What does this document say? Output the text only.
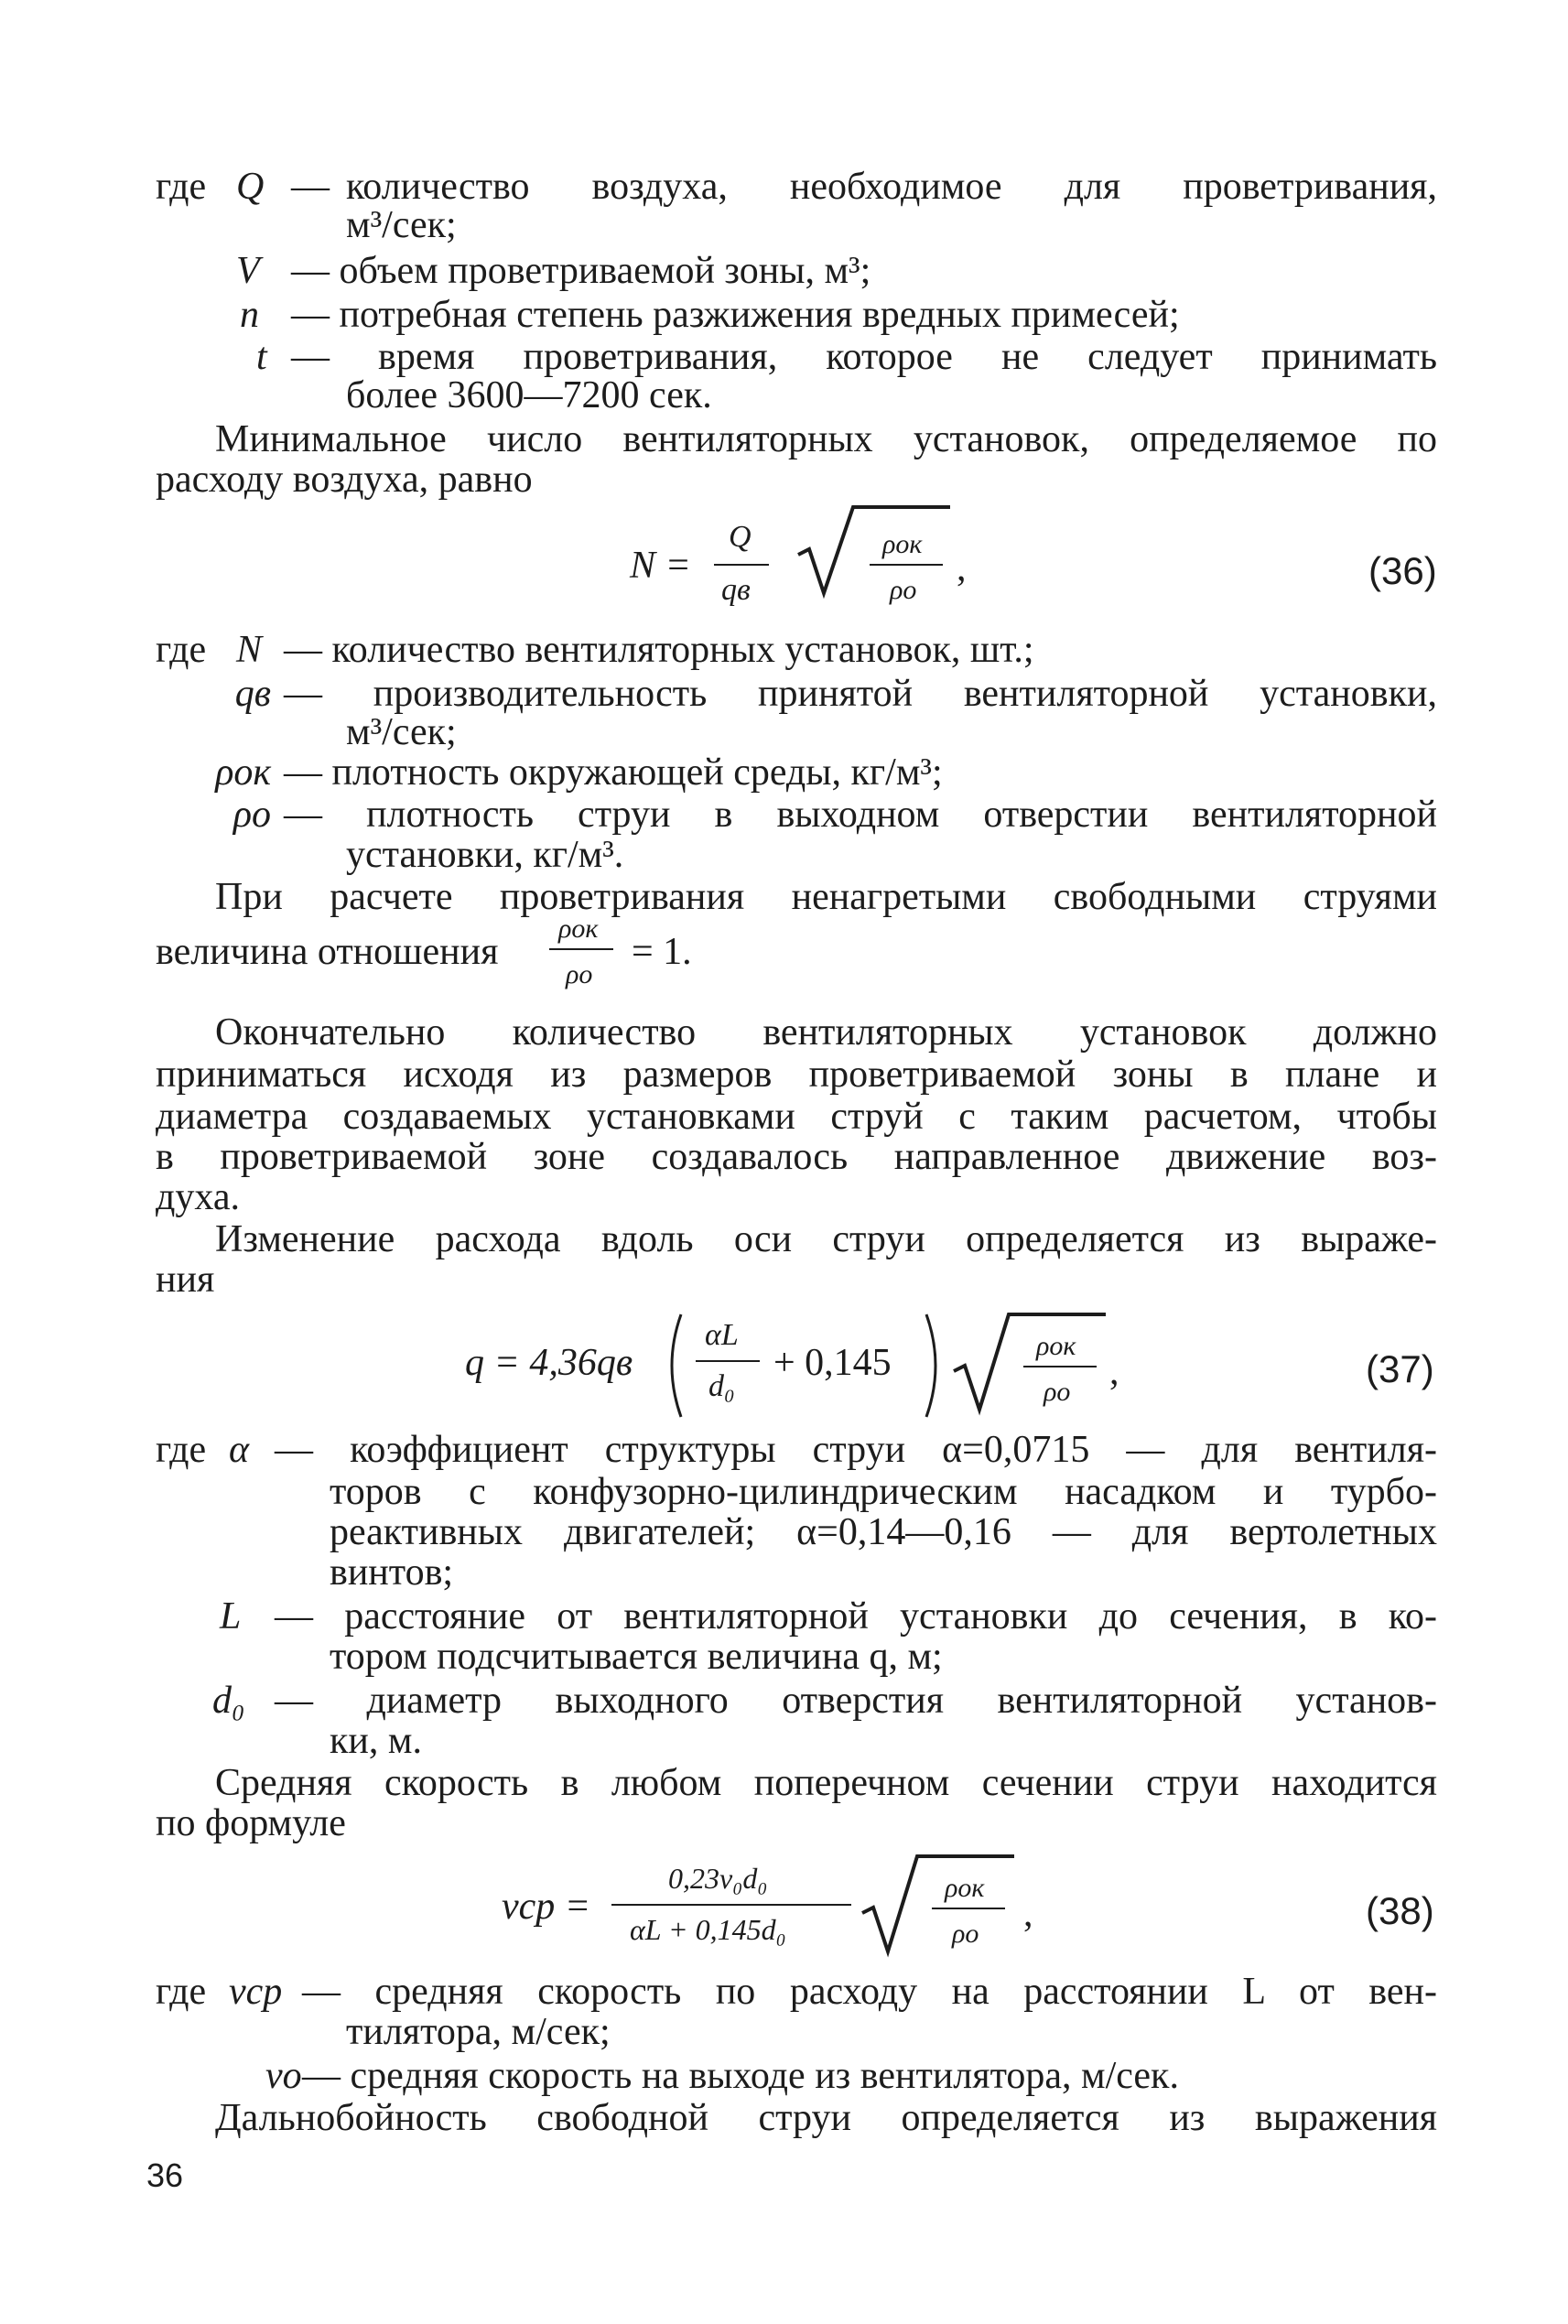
где Q — количество воздуха, необходимое для проветривания,
м³/сек;
V — объем проветриваемой зоны, м³;
n — потребная степень разжижения вредных примесей;
t — время проветривания, которое не следует принимать
более 3600—7200 сек.
Минимальное число вентиляторных установок, определяемое по
расходу воздуха, равно
N =
Q
qв
ρок
ρо
,	(36)
где N — количество вентиляторных установок, шт.;
qв — производительность принятой вентиляторной установки,
м³/сек;
ρок — плотность окружающей среды, кг/м³;
ρо — плотность струи в выходном отверстии вентиляторной
установки, кг/м³.
При расчете проветривания ненагретыми свободными струями
величина отношения
ρок
ρо
= 1.
Окончательно количество вентиляторных установок должно
приниматься исходя из размеров проветриваемой зоны в плане и
диаметра создаваемых установками струй с таким расчетом, чтобы
в проветриваемой зоне создавалось направленное движение воз-
духа.
Изменение расхода вдоль оси струи определяется из выраже-
ния
q = 4,36qв
αL
d₀
+ 0,145	ρок
ρо ,	(37)
где α — коэффициент структуры струи α=0,0715 — для вентиля-
торов с конфузорно-цилиндрическим насадком и турбо-
реактивных двигателей; α=0,14—0,16 — для вертолетных
винтов;
L — расстояние от вентиляторной установки до сечения, в ко-
тором подсчитывается величина q, м;
d₀ — диаметр выходного отверстия вентиляторной установ-
ки, м.
Средняя скорость в любом поперечном сечении струи находится
по формуле
vср =
0,23v₀d₀
αL + 0,145d₀
ρок
ρо ,	(38)
где vср — средняя скорость по расходу на расстоянии L от вен-
тилятора, м/сек;
vо — средняя скорость на выходе из вентилятора, м/сек.
Дальнобойность свободной струи определяется из выражения
36
